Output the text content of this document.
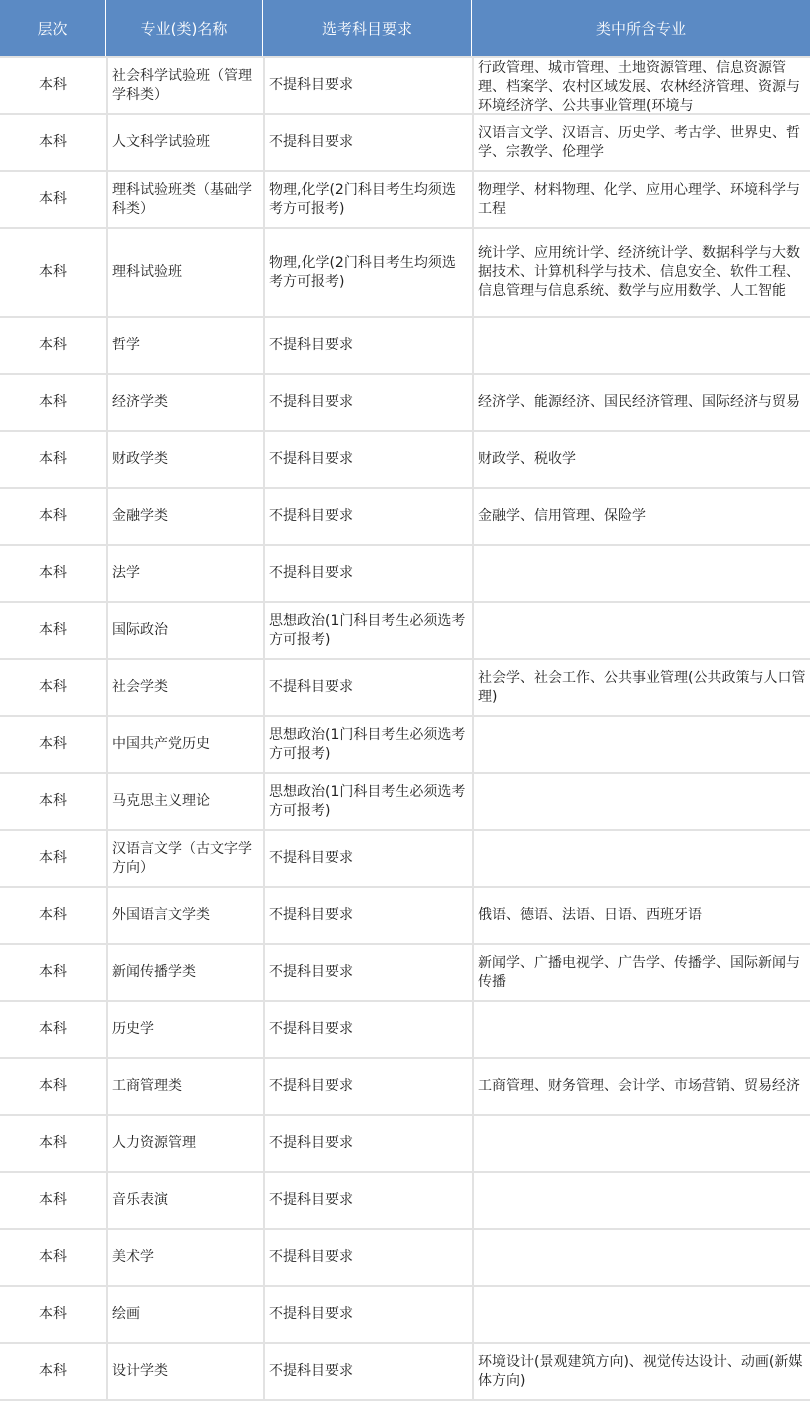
层次	专业(类)名称	选考科目要求	类中所含专业
本科	社会科学试验班（管理学科类）	不提科目要求	行政管理、城市管理、土地资源管理、信息资源管理、档案学、农村区域发展、农林经济管理、资源与环境经济学、公共事业管理(环境与

本科	人文科学试验班	不提科目要求	汉语言文学、汉语言、历史学、考古学、世界史、哲学、宗教学、伦理学
本科	理科试验班类（基础学科类）	物理,化学(2门科目考生均须选考方可报考)	物理学、材料物理、化学、应用心理学、环境科学与工程
本科	理科试验班	物理,化学(2门科目考生均须选考方可报考)	统计学、应用统计学、经济统计学、数据科学与大数据技术、计算机科学与技术、信息安全、软件工程、信息管理与信息系统、数学与应用数学、人工智能
本科	哲学	不提科目要求	
本科	经济学类	不提科目要求	经济学、能源经济、国民经济管理、国际经济与贸易
本科	财政学类	不提科目要求	财政学、税收学
本科	金融学类	不提科目要求	金融学、信用管理、保险学
本科	法学	不提科目要求	
本科	国际政治	思想政治(1门科目考生必须选考方可报考)	
本科	社会学类	不提科目要求	社会学、社会工作、公共事业管理(公共政策与人口管理)
本科	中国共产党历史	思想政治(1门科目考生必须选考方可报考)	
本科	马克思主义理论	思想政治(1门科目考生必须选考方可报考)	
本科	汉语言文学（古文字学方向）	不提科目要求	
本科	外国语言文学类	不提科目要求	俄语、德语、法语、日语、西班牙语
本科	新闻传播学类	不提科目要求	新闻学、广播电视学、广告学、传播学、国际新闻与传播
本科	历史学	不提科目要求	
本科	工商管理类	不提科目要求	工商管理、财务管理、会计学、市场营销、贸易经济
本科	人力资源管理	不提科目要求	
本科	音乐表演	不提科目要求	
本科	美术学	不提科目要求	
本科	绘画	不提科目要求	
本科	设计学类	不提科目要求	环境设计(景观建筑方向)、视觉传达设计、动画(新媒体方向)
